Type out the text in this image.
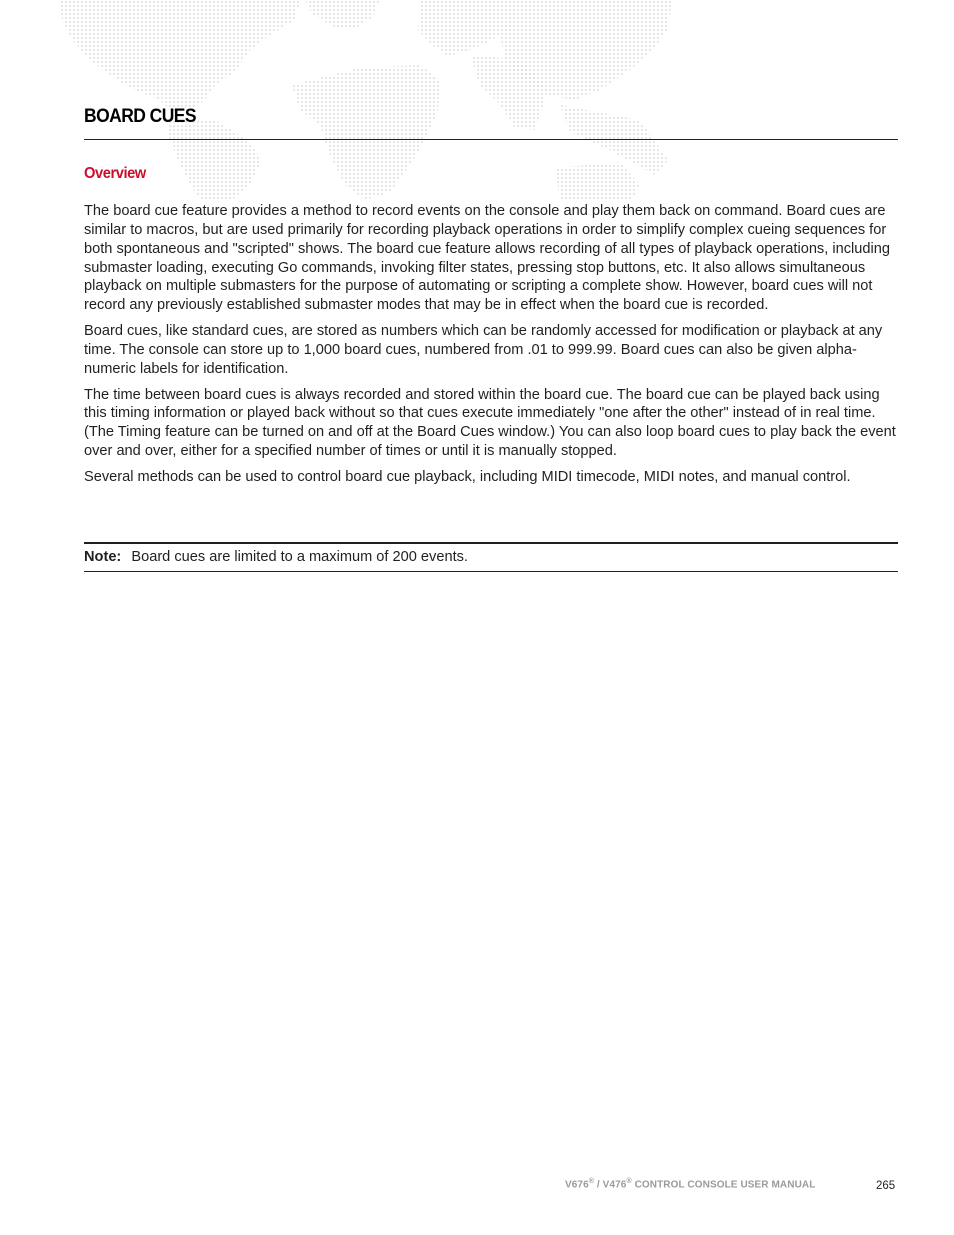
BOARD CUES
Overview

The board cue feature provides a method to record events on the console and play them back on command. Board cues are similar to macros, but are used primarily for recording playback operations in order to simplify complex cueing sequences for both spontaneous and "scripted" shows. The board cue feature allows recording of all types of playback operations, including submaster loading, executing Go commands, invoking filter states, pressing stop buttons, etc. It also allows simultaneous playback on multiple submasters for the purpose of automating or scripting a complete show. However, board cues will not record any previously established submaster modes that may be in effect when the board cue is recorded.

Board cues, like standard cues, are stored as numbers which can be randomly accessed for modification or playback at any time. The console can store up to 1,000 board cues, numbered from .01 to 999.99. Board cues can also be given alpha-numeric labels for identification.

The time between board cues is always recorded and stored within the board cue. The board cue can be played back using this timing information or played back without so that cues execute immediately "one after the other" instead of in real time. (The Timing feature can be turned on and off at the Board Cues window.) You can also loop board cues to play back the event over and over, either for a specified number of times or until it is manually stopped.

Several methods can be used to control board cue playback, including MIDI timecode, MIDI notes, and manual control.

Note: Board cues are limited to a maximum of 200 events.
V676® / V476® CONTROL CONSOLE USER MANUAL	265
